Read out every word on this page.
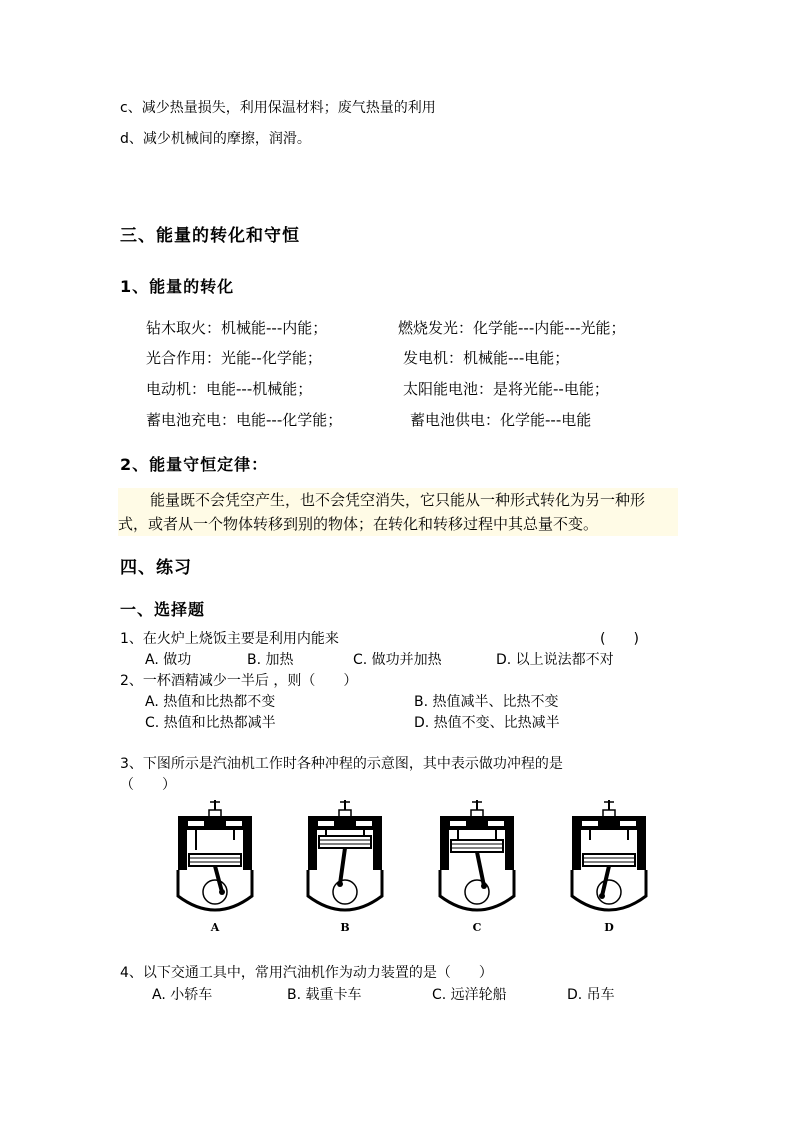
c、减少热量损失，利用保温材料；废气热量的利用
d、减少机械间的摩擦，润滑。
三、能量的转化和守恒
1、能量的转化
钻木取火：机械能---内能；	燃烧发光：化学能---内能---光能；
光合作用：光能--化学能；	发电机：机械能---电能；
电动机：电能---机械能；	太阳能电池：是将光能--电能；
蓄电池充电：电能---化学能；	蓄电池供电：化学能---电能
2、能量守恒定律：
能量既不会凭空产生，也不会凭空消失，它只能从一种形式转化为另一种形
式，或者从一个物体转移到别的物体；在转化和转移过程中其总量不变。
四、练习
一、选择题
1、在火炉上烧饭主要是利用内能来	(　　)
A. 做功	B. 加热	C. 做功并加热	D. 以上说法都不对
2、一杯酒精减少一半后 ，则（　　）
A. 热值和比热都不变	B. 热值减半、比热不变
C. 热值和比热都减半	D. 热值不变、比热减半
3、下图所示是汽油机工作时各种冲程的示意图，其中表示做功冲程的是
（　　）
A	B	C	D
4、以下交通工具中，常用汽油机作为动力装置的是（　　）
A. 小轿车	B. 载重卡车	C. 远洋轮船	D. 吊车
